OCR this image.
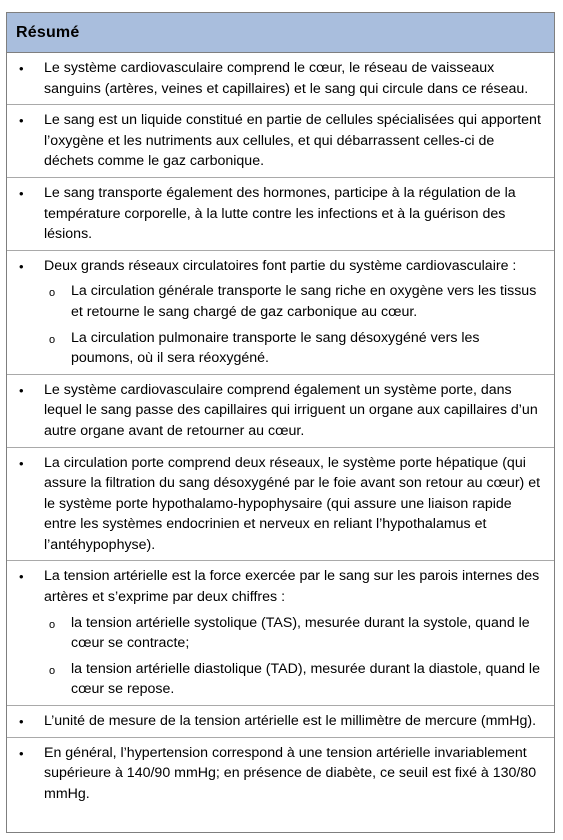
Résumé
• Le système cardiovasculaire comprend le cœur, le réseau de vaisseaux sanguins (artères, veines et capillaires) et le sang qui circule dans ce réseau.
• Le sang est un liquide constitué en partie de cellules spécialisées qui apportent l’oxygène et les nutriments aux cellules, et qui débarrassent celles-ci de déchets comme le gaz carbonique.
• Le sang transporte également des hormones, participe à la régulation de la température corporelle, à la lutte contre les infections et à la guérison des lésions.
• Deux grands réseaux circulatoires font partie du système cardiovasculaire :
o La circulation générale transporte le sang riche en oxygène vers les tissus et retourne le sang chargé de gaz carbonique au cœur.
o La circulation pulmonaire transporte le sang désoxygéné vers les poumons, où il sera réoxygéné.
• Le système cardiovasculaire comprend également un système porte, dans lequel le sang passe des capillaires qui irriguent un organe aux capillaires d’un autre organe avant de retourner au cœur.
• La circulation porte comprend deux réseaux, le système porte hépatique (qui assure la filtration du sang désoxygéné par le foie avant son retour au cœur) et le système porte hypothalamo-hypophysaire (qui assure une liaison rapide entre les systèmes endocrinien et nerveux en reliant l’hypothalamus et l’antéhypophyse).
• La tension artérielle est la force exercée par le sang sur les parois internes des artères et s’exprime par deux chiffres :
o la tension artérielle systolique (TAS), mesurée durant la systole, quand le cœur se contracte;
o la tension artérielle diastolique (TAD), mesurée durant la diastole, quand le cœur se repose.
• L’unité de mesure de la tension artérielle est le millimètre de mercure (mmHg).
• En général, l’hypertension correspond à une tension artérielle invariablement supérieure à 140/90 mmHg; en présence de diabète, ce seuil est fixé à 130/80 mmHg.
